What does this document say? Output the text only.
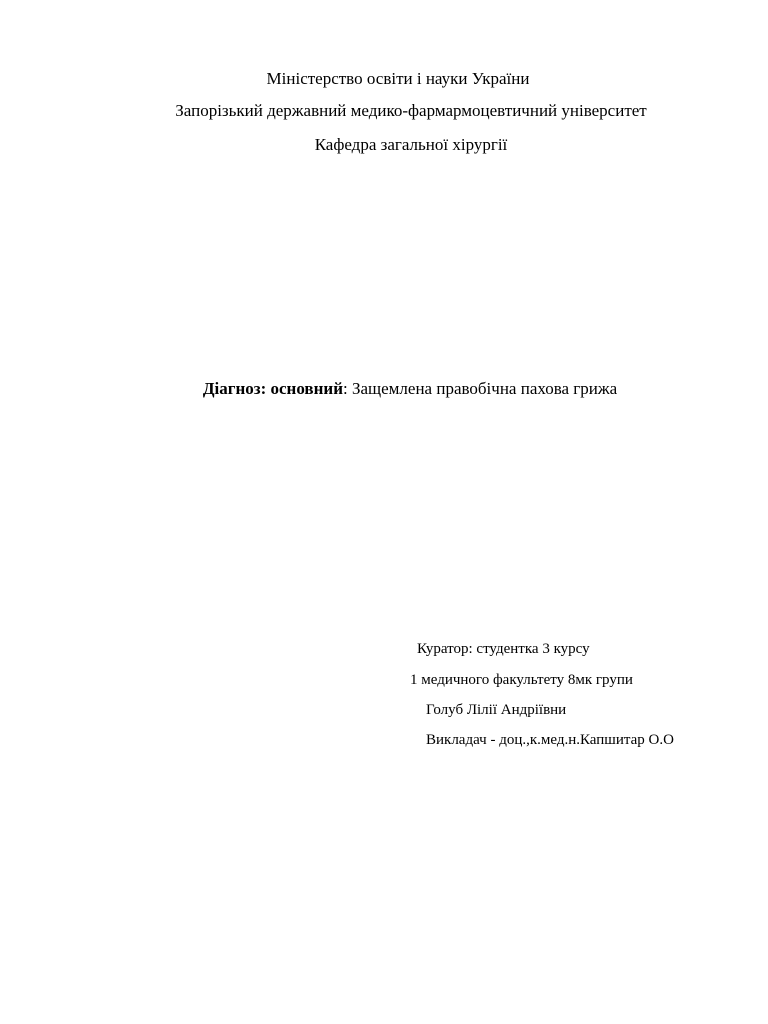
Міністерство освіти і науки України
Запорізький державний медико-фармармоцевтичний університет
Кафедра загальної хірургії
Діагноз: основний: Защемлена правобічна пахова грижа
Куратор: студентка 3 курсу
1 медичного факультету 8мк групи
Голуб Лілії Андріївни
Викладач - доц.,к.мед.н.Капшитар О.О
